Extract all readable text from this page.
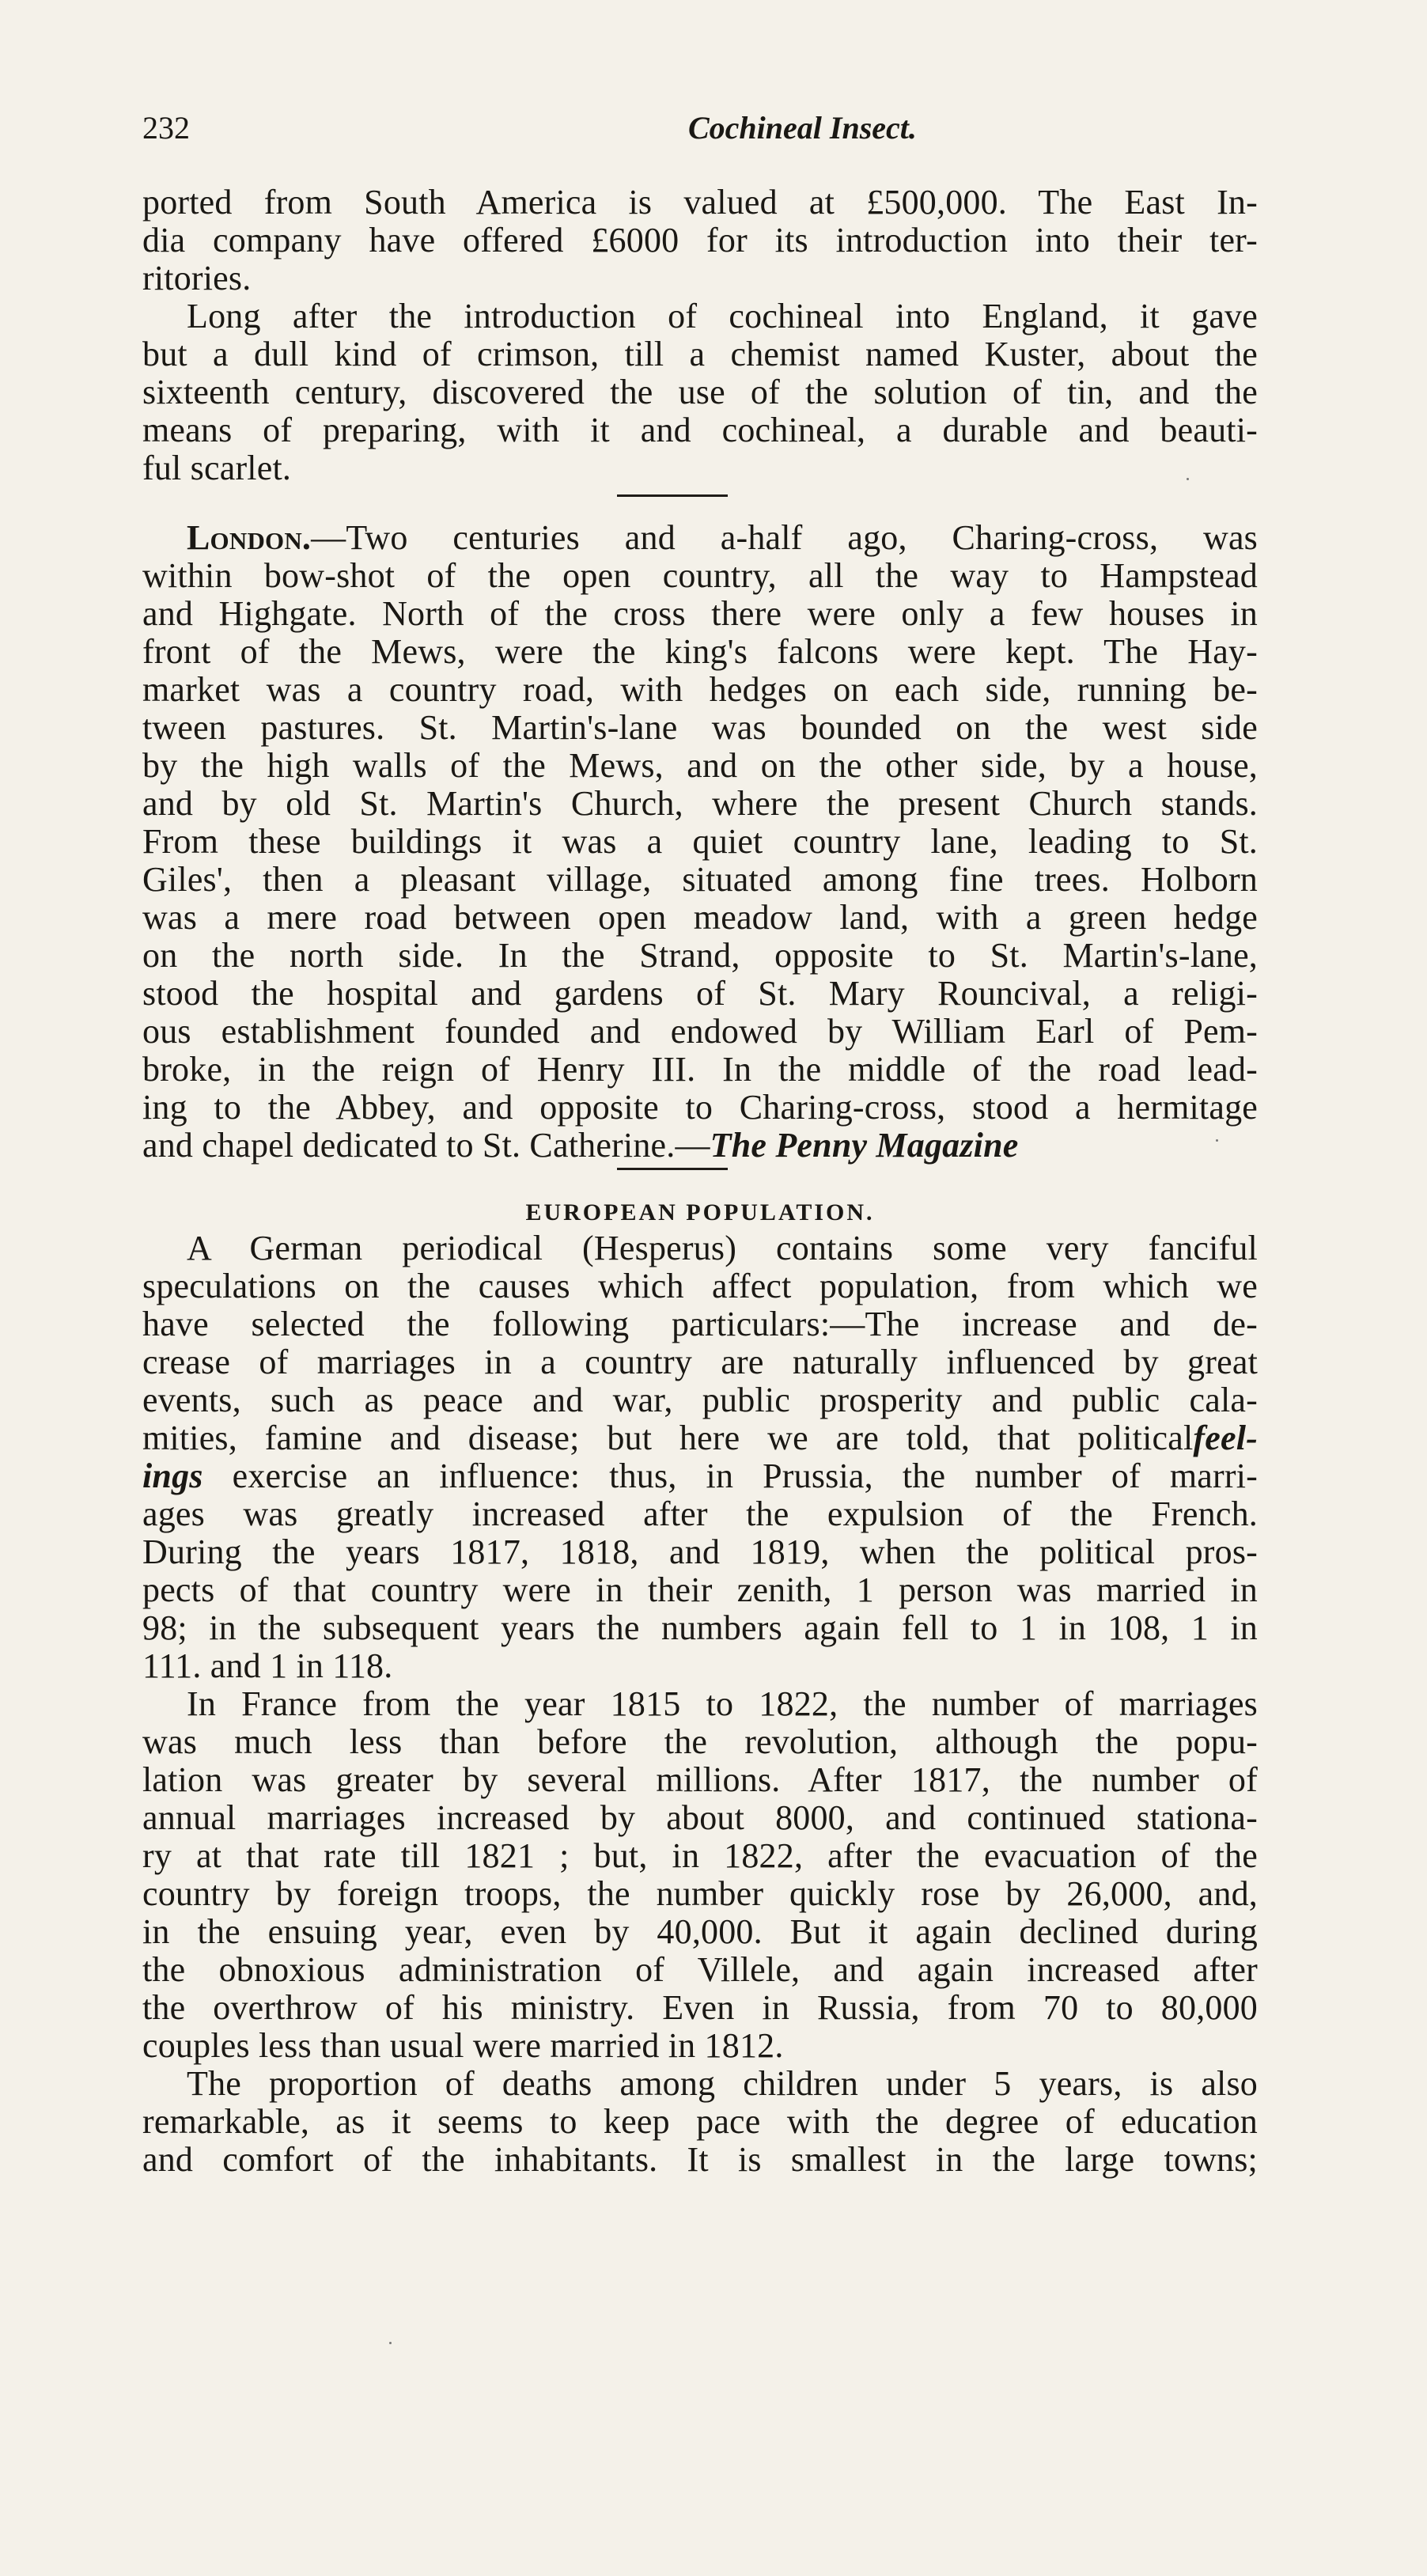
232	Cochineal Insect.
ported from South America is valued at £500,000. The East In-
dia company have offered £6000 for its introduction into their ter-
ritories.
Long after the introduction of cochineal into England, it gave
but a dull kind of crimson, till a chemist named Kuster, about the
sixteenth century, discovered the use of the solution of tin, and the
means of preparing, with it and cochineal, a durable and beauti-
ful scarlet.
London.—Two centuries and a-half ago, Charing-cross, was
within bow-shot of the open country, all the way to Hampstead
and Highgate. North of the cross there were only a few houses in
front of the Mews, were the king's falcons were kept. The Hay-
market was a country road, with hedges on each side, running be-
tween pastures. St. Martin's-lane was bounded on the west side
by the high walls of the Mews, and on the other side, by a house,
and by old St. Martin's Church, where the present Church stands.
From these buildings it was a quiet country lane, leading to St.
Giles', then a pleasant village, situated among fine trees. Holborn
was a mere road between open meadow land, with a green hedge
on the north side. In the Strand, opposite to St. Martin's-lane,
stood the hospital and gardens of St. Mary Rouncival, a religi-
ous establishment founded and endowed by William Earl of Pem-
broke, in the reign of Henry III. In the middle of the road lead-
ing to the Abbey, and opposite to Charing-cross, stood a hermitage
and chapel dedicated to St. Catherine.—The Penny Magazine
EUROPEAN POPULATION.
A German periodical (Hesperus) contains some very fanciful
speculations on the causes which affect population, from which we
have selected the following particulars:—The increase and de-
crease of marriages in a country are naturally influenced by great
events, such as peace and war, public prosperity and public cala-
mities, famine and disease; but here we are told, that politicalfeel-
ings exercise an influence: thus, in Prussia, the number of marri-
ages was greatly increased after the expulsion of the French.
During the years 1817, 1818, and 1819, when the political pros-
pects of that country were in their zenith, 1 person was married in
98; in the subsequent years the numbers again fell to 1 in 108, 1 in
111. and 1 in 118.
In France from the year 1815 to 1822, the number of marriages
was much less than before the revolution, although the popu-
lation was greater by several millions. After 1817, the number of
annual marriages increased by about 8000, and continued stationa-
ry at that rate till 1821 ; but, in 1822, after the evacuation of the
country by foreign troops, the number quickly rose by 26,000, and,
in the ensuing year, even by 40,000. But it again declined during
the obnoxious administration of Villele, and again increased after
the overthrow of his ministry. Even in Russia, from 70 to 80,000
couples less than usual were married in 1812.
The proportion of deaths among children under 5 years, is also
remarkable, as it seems to keep pace with the degree of education
and comfort of the inhabitants. It is smallest in the large towns;
